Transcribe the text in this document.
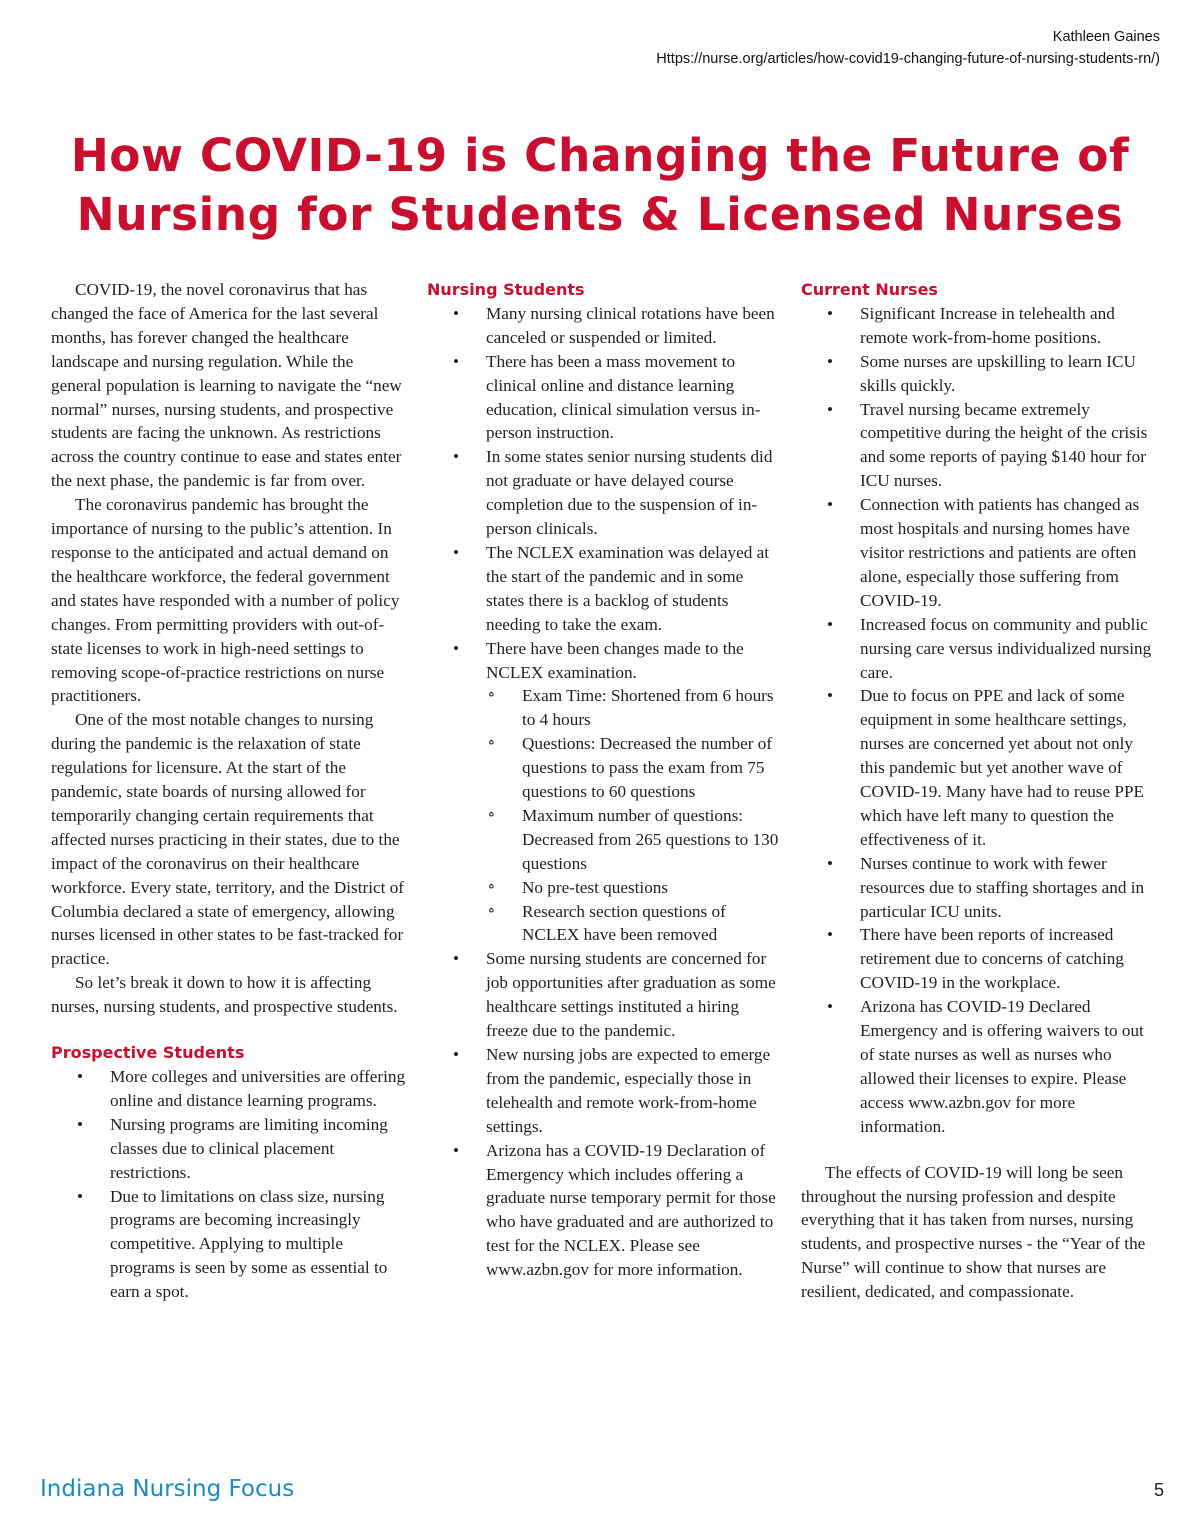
Kathleen Gaines
Https://nurse.org/articles/how-covid19-changing-future-of-nursing-students-rn/)
How COVID-19 is Changing the Future of
Nursing for Students & Licensed Nurses

COVID-19, the novel coronavirus that has changed the face of America for the last several months, has forever changed the healthcare landscape and nursing regulation. While the general population is learning to navigate the “new normal” nurses, nursing students, and prospective students are facing the unknown. As restrictions across the country continue to ease and states enter the next phase, the pandemic is far from over.

The coronavirus pandemic has brought the importance of nursing to the public’s attention. In response to the anticipated and actual demand on the healthcare workforce, the federal government and states have responded with a number of policy changes. From permitting providers with out-of-state licenses to work in high-need settings to removing scope-of-practice restrictions on nurse practitioners.

One of the most notable changes to nursing during the pandemic is the relaxation of state regulations for licensure. At the start of the pandemic, state boards of nursing allowed for temporarily changing certain requirements that affected nurses practicing in their states, due to the impact of the coronavirus on their healthcare workforce. Every state, territory, and the District of Columbia declared a state of emergency, allowing nurses licensed in other states to be fast-tracked for practice.

So let’s break it down to how it is affecting nurses, nursing students, and prospective students.

Prospective Students
• More colleges and universities are offering online and distance learning programs.
• Nursing programs are limiting incoming classes due to clinical placement restrictions.
• Due to limitations on class size, nursing programs are becoming increasingly competitive. Applying to multiple programs is seen by some as essential to earn a spot.
Nursing Students
• Many nursing clinical rotations have been canceled or suspended or limited.
• There has been a mass movement to clinical online and distance learning education, clinical simulation versus in-person instruction.
• In some states senior nursing students did not graduate or have delayed course completion due to the suspension of in-person clinicals.
• The NCLEX examination was delayed at the start of the pandemic and in some states there is a backlog of students needing to take the exam.
• There have been changes made to the NCLEX examination.
⚬ Exam Time: Shortened from 6 hours to 4 hours
⚬ Questions: Decreased the number of questions to pass the exam from 75 questions to 60 questions
⚬ Maximum number of questions: Decreased from 265 questions to 130 questions
⚬ No pre-test questions
⚬ Research section questions of NCLEX have been removed
• Some nursing students are concerned for job opportunities after graduation as some healthcare settings instituted a hiring freeze due to the pandemic.
• New nursing jobs are expected to emerge from the pandemic, especially those in telehealth and remote work-from-home settings.
• Arizona has a COVID-19 Declaration of Emergency which includes offering a graduate nurse temporary permit for those who have graduated and are authorized to test for the NCLEX. Please see www.azbn.gov for more information.
Current Nurses
• Significant Increase in telehealth and remote work-from-home positions.
• Some nurses are upskilling to learn ICU skills quickly.
• Travel nursing became extremely competitive during the height of the crisis and some reports of paying $140 hour for ICU nurses.
• Connection with patients has changed as most hospitals and nursing homes have visitor restrictions and patients are often alone, especially those suffering from COVID-19.
• Increased focus on community and public nursing care versus individualized nursing care.
• Due to focus on PPE and lack of some equipment in some healthcare settings, nurses are concerned yet about not only this pandemic but yet another wave of COVID-19. Many have had to reuse PPE which have left many to question the effectiveness of it.
• Nurses continue to work with fewer resources due to staffing shortages and in particular ICU units.
• There have been reports of increased retirement due to concerns of catching COVID-19 in the workplace.
• Arizona has COVID-19 Declared Emergency and is offering waivers to out of state nurses as well as nurses who allowed their licenses to expire. Please access www.azbn.gov for more information.

The effects of COVID-19 will long be seen throughout the nursing profession and despite everything that it has taken from nurses, nursing students, and prospective nurses - the “Year of the Nurse” will continue to show that nurses are resilient, dedicated, and compassionate.

Indiana Nursing Focus	5
